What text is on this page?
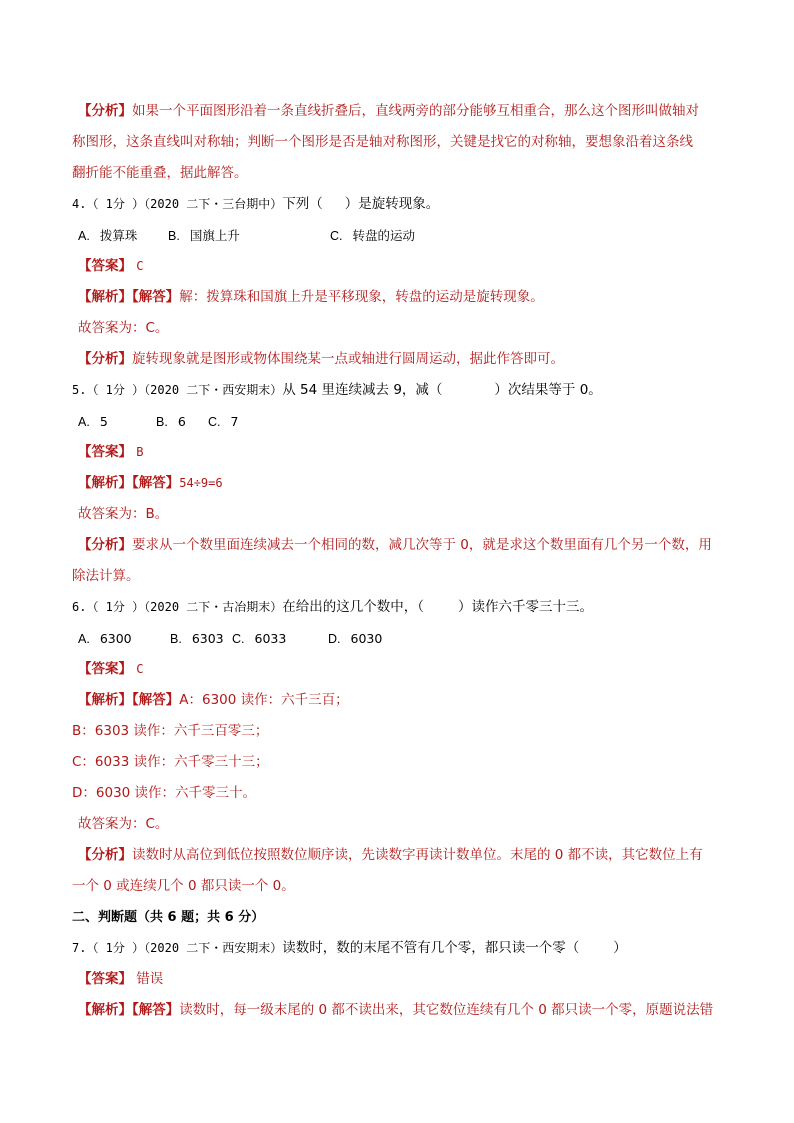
【分析】如果一个平面图形沿着一条直线折叠后，直线两旁的部分能够互相重合，那么这个图形叫做轴对
称图形，这条直线叫对称轴；判断一个图形是否是轴对称图形，关键是找它的对称轴，要想象沿着这条线
翻折能不能重叠，据此解答。
4.（ 1分 ）（2020 二下・三台期中）下列（ ）是旋转现象。
A. 拨算珠 B. 国旗上升	C. 转盘的运动
【答案】 C
【解析】【解答】解：拨算珠和国旗上升是平移现象，转盘的运动是旋转现象。
故答案为：C。
【分析】旋转现象就是图形或物体围绕某一点或轴进行圆周运动，据此作答即可。
5.（ 1分 ）（2020 二下・西安期末）从 54 里连续减去 9，减（	）次结果等于 0。
A. 5	B. 6 C. 7
【答案】 B
【解析】【解答】54÷9=6
故答案为：B。
【分析】要求从一个数里面连续减去一个相同的数，减几次等于 0，就是求这个数里面有几个另一个数，用
除法计算。
6.（ 1分 ）（2020 二下・古冶期末）在给出的这几个数中，（	）读作六千零三十三。
A. 6300	B. 6303 C. 6033	D. 6030
【答案】 C
【解析】【解答】A：6300 读作：六千三百；
B：6303 读作：六千三百零三；
C：6033 读作：六千零三十三；
D：6030 读作：六千零三十。
故答案为：C。
【分析】读数时从高位到低位按照数位顺序读，先读数字再读计数单位。末尾的 0 都不读，其它数位上有
一个 0 或连续几个 0 都只读一个 0。
二、判断题（共 6 题；共 6 分）
7.（ 1分 ）（2020 二下・西安期末）读数时，数的末尾不管有几个零，都只读一个零（	）
【答案】 错误
【解析】【解答】读数时，每一级末尾的 0 都不读出来，其它数位连续有几个 0 都只读一个零，原题说法错
